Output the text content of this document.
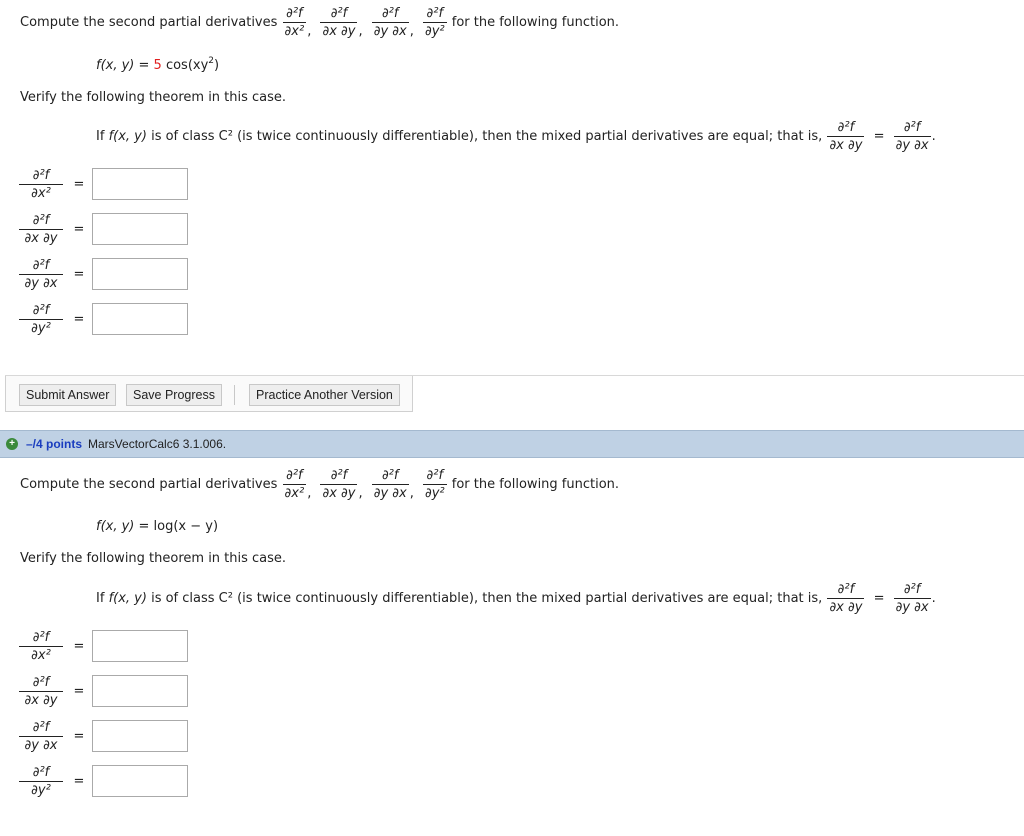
Compute the second partial derivatives $\frac{\text{∂²f}}{\text{∂x²}}$ , $\frac{\text{∂²f}}{\partial x \partial y}$ , $\frac{\text{∂²f}}{\partial y \partial x}$ , $\frac{\text{∂²f}}{\text{∂y²}}$ for the following function.
f(x, y) = 5 $\cos(xy^2)$
Verify the following theorem in this case.
If f(x, y) is of class C² (is twice continuously differentiable), then the mixed partial derivatives are equal; that is, $\frac{\text{∂²f}}{\partial x \partial y} = \frac{\text{∂²f}}{\partial y \partial x}$ .
$\frac{\text{∂²f}}{\text{∂x²}}$ =
$\frac{\text{∂²f}}{\partial x \partial y}$ =
$\frac{\text{∂²f}}{\partial y \partial x}$ =
$\frac{\text{∂²f}}{\text{∂y²}}$ =
Submit Answer	Save Progress	Practice Another Version
+ –/4 points MarsVectorCalc6 3.1.006.
Compute the second partial derivatives $\frac{\text{∂²f}}{\text{∂x²}}$ , $\frac{\text{∂²f}}{\partial x \partial y}$ , $\frac{\text{∂²f}}{\partial y \partial x}$ , $\frac{\text{∂²f}}{\text{∂y²}}$ for the following function.
f(x, y) = log(x − y)
Verify the following theorem in this case.
If f(x, y) is of class C² (is twice continuously differentiable), then the mixed partial derivatives are equal; that is, $\frac{\text{∂²f}}{\partial x \partial y} = \frac{\text{∂²f}}{\partial y \partial x}$ .
$\frac{\text{∂²f}}{\text{∂x²}}$ =
$\frac{\text{∂²f}}{\partial x \partial y}$ =
$\frac{\text{∂²f}}{\partial y \partial x}$ =
$\frac{\text{∂²f}}{\text{∂y²}}$ =
